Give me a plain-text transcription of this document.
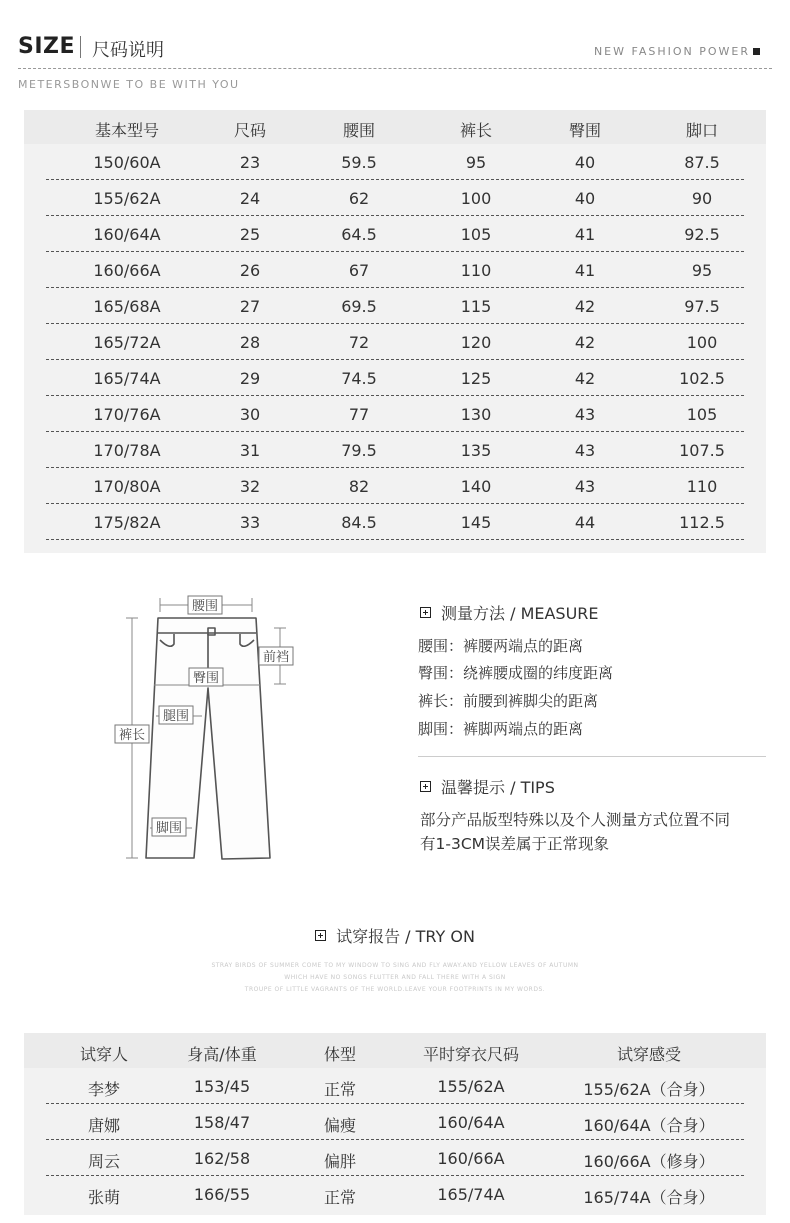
SIZE 尺码说明	NEW FASHION POWER
METERSBONWE TO BE WITH YOU
基本型号	尺码	腰围	裤长	臀围	脚口
150/60A	23	59.5	95	40	87.5
155/62A	24	62	100	40	90
160/64A	25	64.5	105	41	92.5
160/66A	26	67	110	41	95
165/68A	27	69.5	115	42	97.5
165/72A	28	72	120	42	100
165/74A	29	74.5	125	42	102.5
170/76A	30	77	130	43	105
170/78A	31	79.5	135	43	107.5
170/80A	32	82	140	43	110
175/82A	33	84.5	145	44	112.5
腰围
前裆
臀围
腿围
裤长
脚围
测量方法 / MEASURE
腰围：裤腰两端点的距离
臀围：绕裤腰成圈的纬度距离
裤长：前腰到裤脚尖的距离
脚围：裤脚两端点的距离
温馨提示 / TIPS
部分产品版型特殊以及个人测量方式位置不同
有1-3CM误差属于正常现象
试穿报告 / TRY ON
STRAY BIRDS OF SUMMER COME TO MY WINDOW TO SING AND FLY AWAY.AND YELLOW LEAVES OF AUTUMN
WHICH HAVE NO SONGS FLUTTER AND FALL THERE WITH A SIGN
TROUPE OF LITTLE VAGRANTS OF THE WORLD.LEAVE YOUR FOOTPRINTS IN MY WORDS.
试穿人	身高/体重	体型	平时穿衣尺码	试穿感受
李梦	153/45	正常	155/62A	155/62A（合身）
唐娜	158/47	偏瘦	160/64A	160/64A（合身）
周云	162/58	偏胖	160/66A	160/66A（修身）
张萌	166/55	正常	165/74A	165/74A（合身）
